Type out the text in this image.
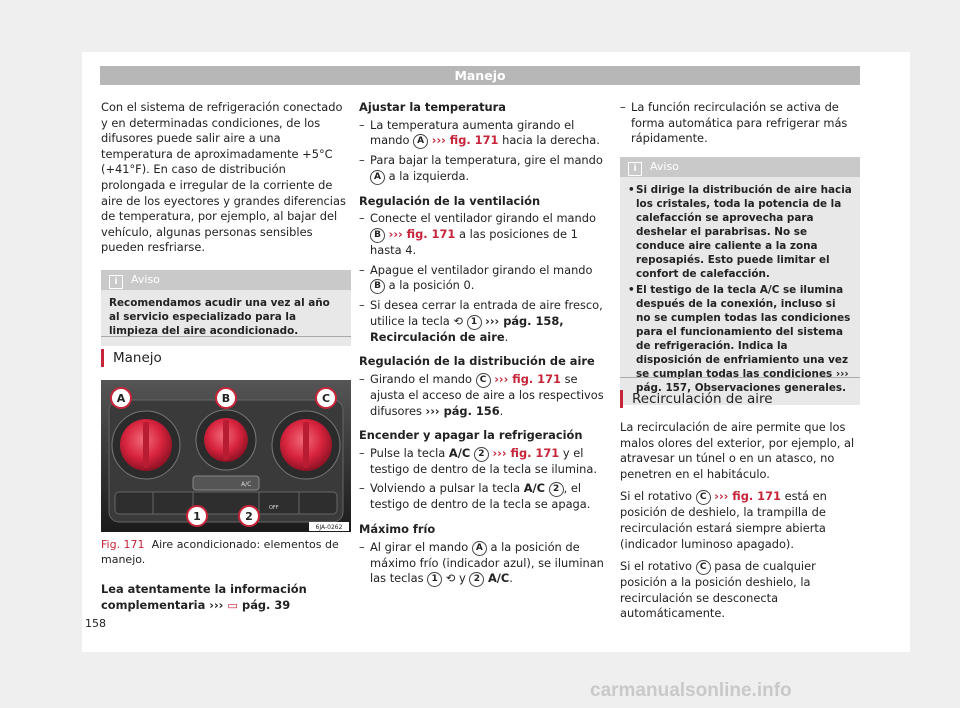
Manejo

Con el sistema de refrigeración conectado y en determinadas condiciones, de los difusores puede salir aire a una temperatura de aproximadamente +5°C (+41°F). En caso de distribución prolongada e irregular de la corriente de aire de los eyectores y grandes diferencias de temperatura, por ejemplo, al bajar del vehículo, algunas personas sensibles pueden resfriarse.

i Aviso
Recomendamos acudir una vez al año al servicio especializado para la limpieza del aire acondicionado.
Manejo
A/C
OFF
A	B	C
1	2
6JA-0262
Fig. 171 Aire acondicionado: elementos de manejo.
Lea atentamente la información complementaria ››› ▭ pág. 39
Ajustar la temperatura
– La temperatura aumenta girando el mando A ››› fig. 171 hacia la derecha.
– Para bajar la temperatura, gire el mando A a la izquierda.
Regulación de la ventilación
– Conecte el ventilador girando el mando B ››› fig. 171 a las posiciones de 1 hasta 4.
– Apague el ventilador girando el mando B a la posición 0.
– Si desea cerrar la entrada de aire fresco, utilice la tecla ⟲ 1 ››› pág. 158, Recirculación de aire.
Regulación de la distribución de aire
– Girando el mando C ››› fig. 171 se ajusta el acceso de aire a los respectivos difusores ››› pág. 156.
Encender y apagar la refrigeración
– Pulse la tecla A/C 2 ››› fig. 171 y el testigo de dentro de la tecla se ilumina.
– Volviendo a pulsar la tecla A/C 2 , el testigo de dentro de la tecla se apaga.
Máximo frío
– Al girar el mando A a la posición de máximo frío (indicador azul), se iluminan las teclas 1 ⟲ y 2 A/C.
– La función recirculación se activa de forma automática para refrigerar más rápidamente.
i Aviso
• Si dirige la distribución de aire hacia los cristales, toda la potencia de la calefacción se aprovecha para deshelar el parabrisas. No se conduce aire caliente a la zona reposapiés. Esto puede limitar el confort de calefacción.
• El testigo de la tecla A/C se ilumina después de la conexión, incluso si no se cumplen todas las condiciones para el funcionamiento del sistema de refrigeración. Indica la disposición de enfriamiento una vez se cumplan todas las condiciones ››› pág. 157, Observaciones generales.
Recirculación de aire

La recirculación de aire permite que los malos olores del exterior, por ejemplo, al atravesar un túnel o en un atasco, no penetren en el habitáculo.

Si el rotativo C ››› fig. 171 está en posición de deshielo, la trampilla de recirculación estará siempre abierta (indicador luminoso apagado).

Si el rotativo C pasa de cualquier posición a la posición deshielo, la recirculación se desconecta automáticamente.

158
carmanualsonline.info
